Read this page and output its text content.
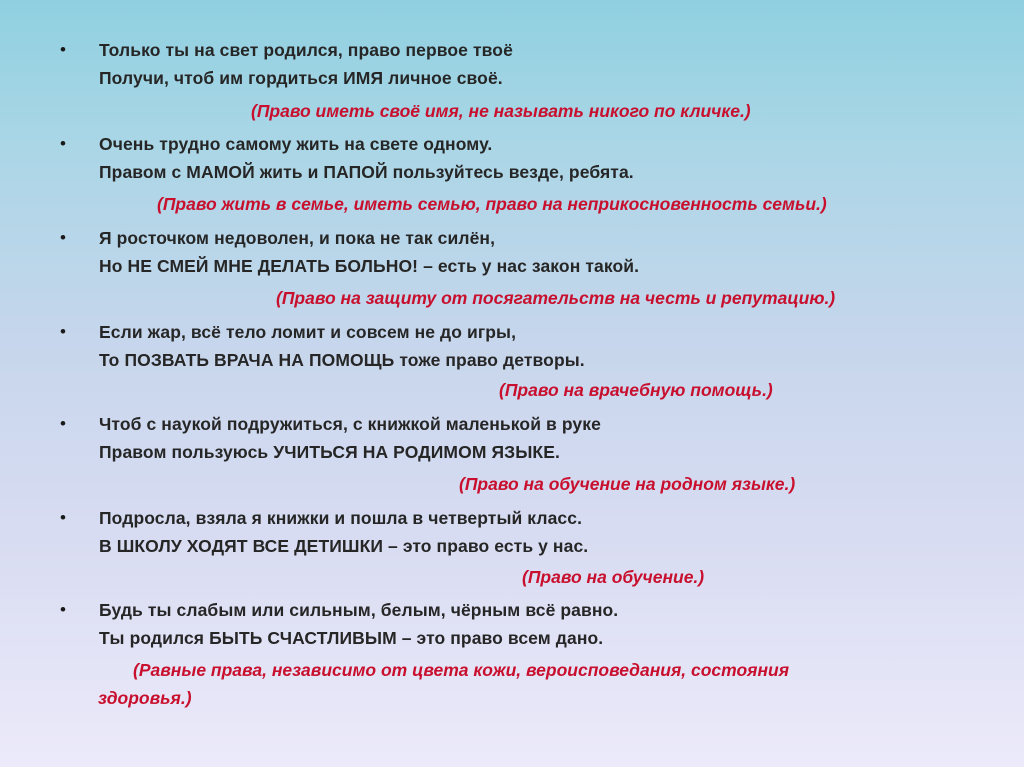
• Только ты на свет родился, право первое твоё
Получи, чтоб им гордиться ИМЯ личное своё.
(Право иметь своё имя, не называть никого по кличке.)
• Очень трудно самому жить на свете одному.
Правом с МАМОЙ жить и ПАПОЙ пользуйтесь везде, ребята.
(Право жить в семье, иметь семью, право на неприкосновенность семьи.)
• Я росточком недоволен, и пока не так силён,
Но НЕ СМЕЙ МНЕ ДЕЛАТЬ БОЛЬНО! – есть у нас закон такой.
(Право на защиту от посягательств на честь и репутацию.)
• Если жар, всё тело ломит и совсем не до игры,
То ПОЗВАТЬ ВРАЧА НА ПОМОЩЬ тоже право детворы.
(Право на врачебную помощь.)
• Чтоб с наукой подружиться, с книжкой маленькой в руке
Правом пользуюсь УЧИТЬСЯ НА РОДИМОМ ЯЗЫКЕ.
(Право на обучение на родном языке.)
• Подросла, взяла я книжки и пошла в четвертый класс.
В ШКОЛУ ХОДЯТ ВСЕ ДЕТИШКИ – это право есть у нас.
(Право на обучение.)
• Будь ты слабым или сильным, белым, чёрным всё равно.
Ты родился БЫТЬ СЧАСТЛИВЫМ – это право всем дано.
(Равные права, независимо от цвета кожи, вероисповедания, состояния
здоровья.)
